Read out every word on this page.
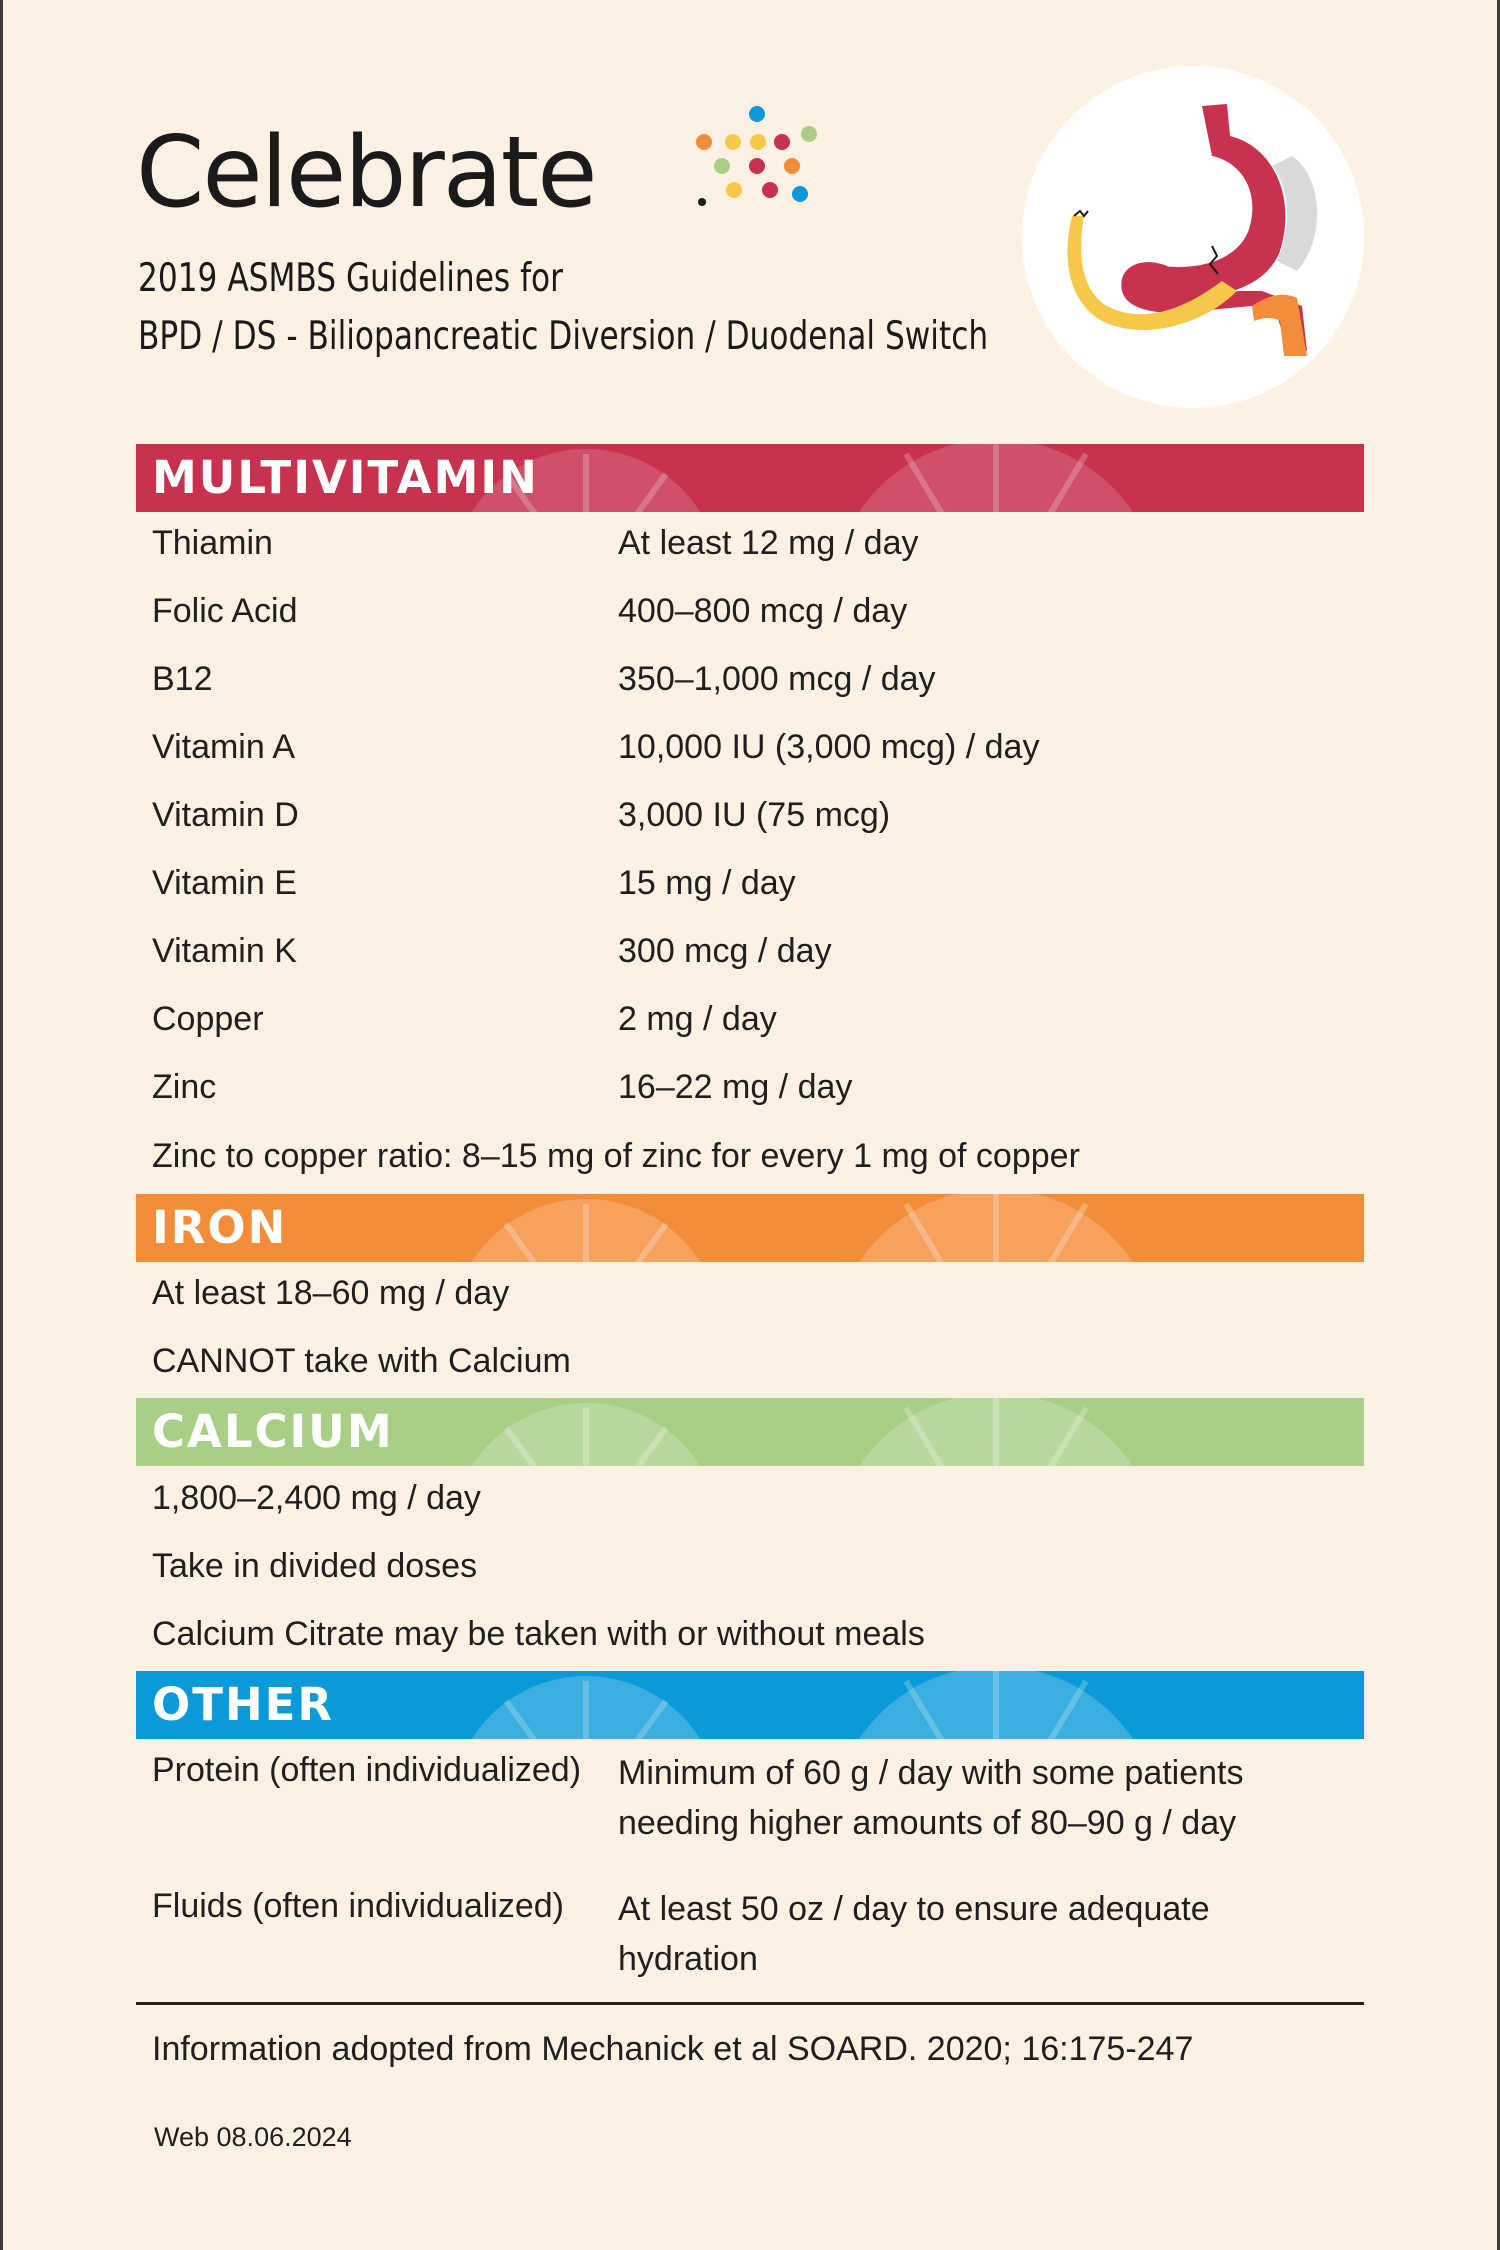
Celebrate
2019 ASMBS Guidelines for
BPD / DS - Biliopancreatic Diversion / Duodenal Switch
MULTIVITAMIN
Thiamin	At least 12 mg / day
Folic Acid	400–800 mcg / day
B12	350–1,000 mcg / day
Vitamin A	10,000 IU (3,000 mcg) / day
Vitamin D	3,000 IU (75 mcg)
Vitamin E	15 mg / day
Vitamin K	300 mcg / day
Copper	2 mg / day
Zinc	16–22 mg / day
Zinc to copper ratio: 8–15 mg of zinc for every 1 mg of copper
IRON
At least 18–60 mg / day
CANNOT take with Calcium
CALCIUM
1,800–2,400 mg / day
Take in divided doses
Calcium Citrate may be taken with or without meals
OTHER
Protein (often individualized) Minimum of 60 g / day with some patients needing higher amounts of 80–90 g / day
Fluids (often individualized) At least 50 oz / day to ensure adequate hydration
Information adopted from Mechanick et al SOARD. 2020; 16:175-247
Web 08.06.2024
